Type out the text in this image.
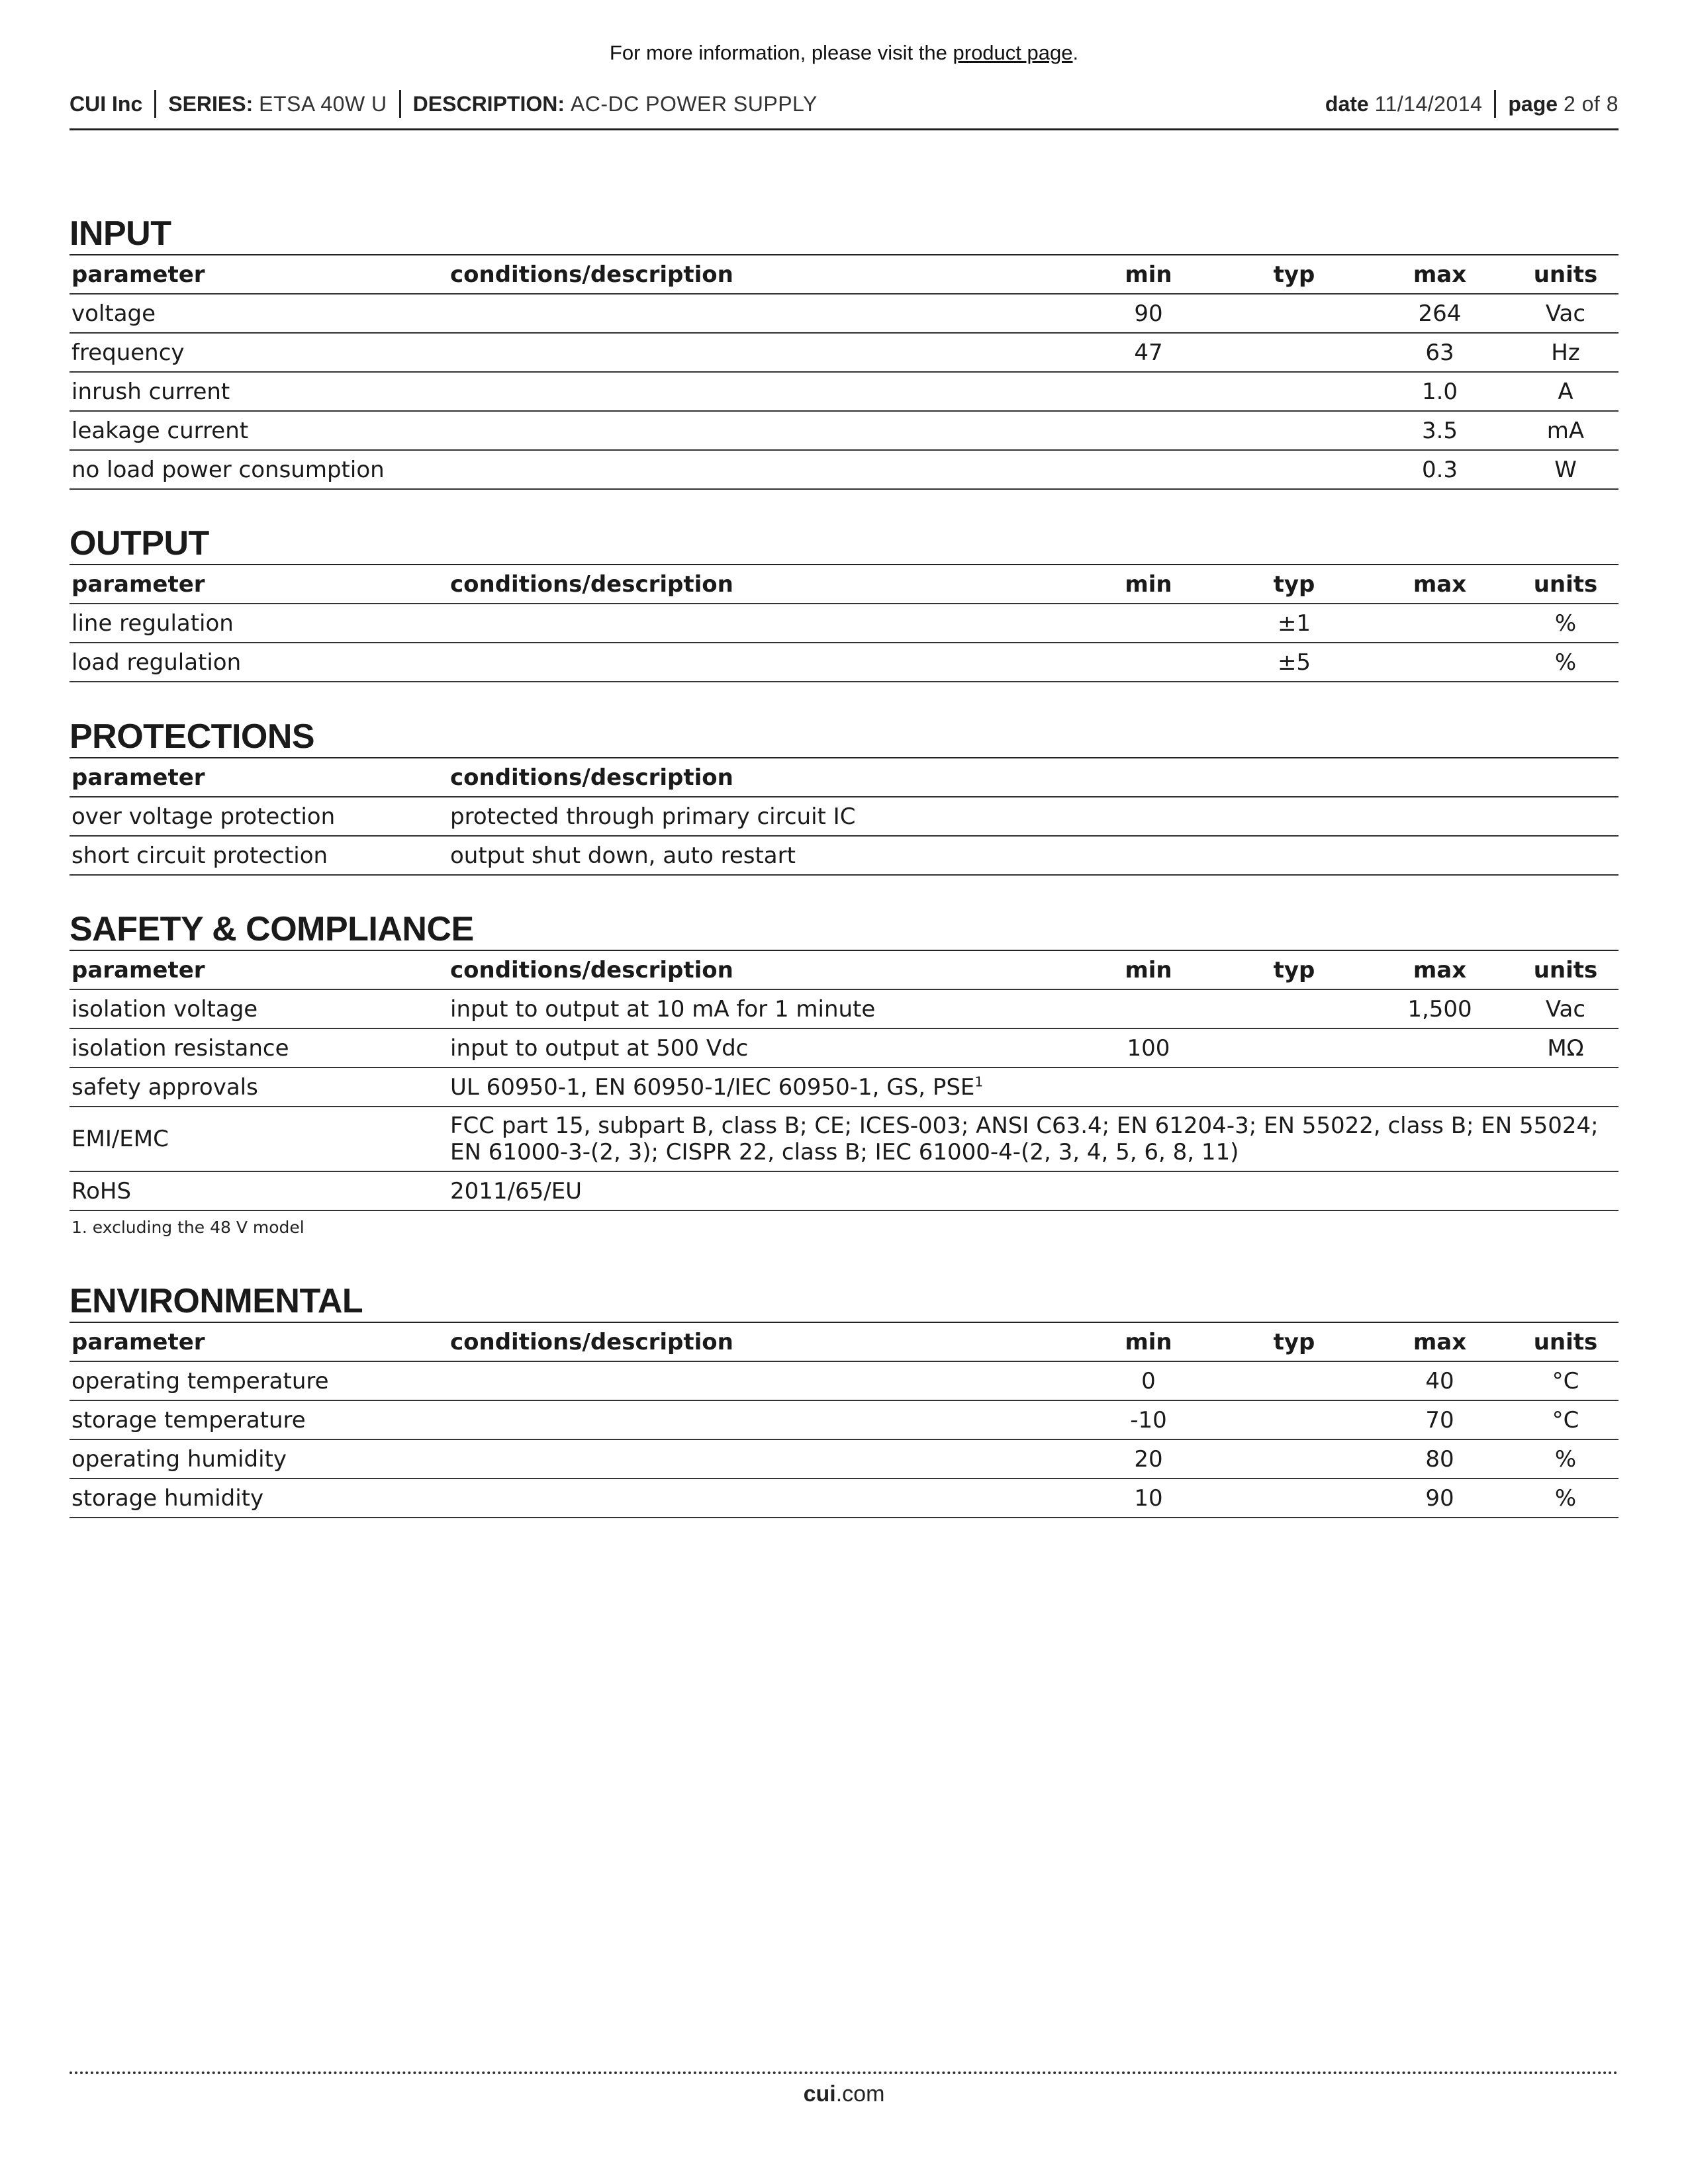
For more information, please visit the product page.
CUI Inc SERIES:
ETSA 40W U DESCRIPTION:
AC-DC POWER SUPPLY	date
11/14/2014 page
2 of 8
INPUT
parameter	conditions/description	min	typ	max	units
voltage		90		264	Vac
frequency		47		63	Hz
inrush current				1.0	A
leakage current				3.5	mA
no load power consumption				0.3	W
OUTPUT
parameter	conditions/description	min	typ	max	units
line regulation			±1		%
load regulation			±5		%
PROTECTIONS
parameter	conditions/description
over voltage protection	protected through primary circuit IC
short circuit protection	output shut down, auto restart
SAFETY & COMPLIANCE
parameter	conditions/description	min	typ	max	units
isolation voltage	input to output at 10 mA for 1 minute			1,500	Vac
isolation resistance	input to output at 500 Vdc	100			MΩ
safety approvals	UL 60950-1, EN 60950-1/IEC 60950-1, GS, PSE$^1$
EMI/EMC	FCC part 15, subpart B, class B; CE; ICES-003; ANSI C63.4; EN 61204-3; EN 55022, class B; EN 55024; EN 61000-3-(2, 3); CISPR 22, class B; IEC 61000-4-(2, 3, 4, 5, 6, 8, 11)				
RoHS	2011/65/EU				
1. excluding the 48 V model
ENVIRONMENTAL
parameter	conditions/description	min	typ	max	units
operating temperature		0		40	°C
storage temperature		-10		70	°C
operating humidity		20		80	%
storage humidity		10		90	%
cui.com
